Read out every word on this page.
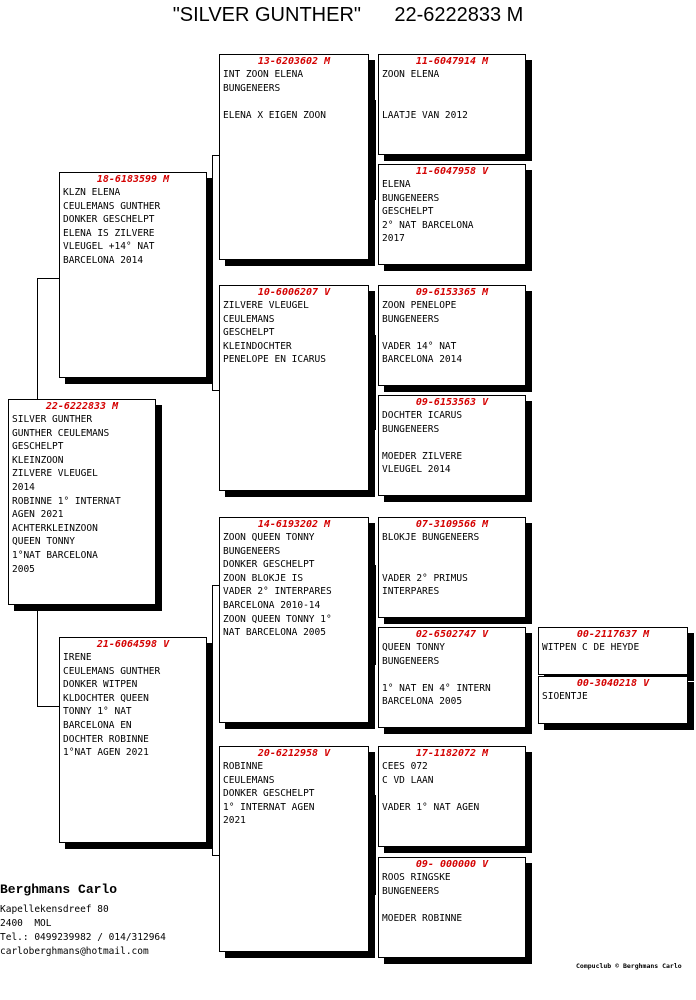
"SILVER GUNTHER"      22-6222833 M
22-6222833 M
SILVER GUNTHER
GUNTHER CEULEMANS
GESCHELPT
KLEINZOON
ZILVERE VLEUGEL
2014
ROBINNE 1° INTERNAT
AGEN 2021
ACHTERKLEINZOON
QUEEN TONNY
1°NAT BARCELONA
2005
18-6183599 M
KLZN ELENA
CEULEMANS GUNTHER
DONKER GESCHELPT
ELENA IS ZILVERE
VLEUGEL +14° NAT
BARCELONA 2014
21-6064598 V
IRENE
CEULEMANS GUNTHER
DONKER WITPEN
KLDOCHTER QUEEN
TONNY 1° NAT
BARCELONA EN
DOCHTER ROBINNE
1°NAT AGEN 2021
13-6203602 M
INT ZOON ELENA
BUNGENEERS
ELENA X EIGEN ZOON
10-6006207 V
ZILVERE VLEUGEL
CEULEMANS
GESCHELPT
KLEINDOCHTER
PENELOPE EN ICARUS
14-6193202 M
ZOON QUEEN TONNY
BUNGENEERS
DONKER GESCHELPT
ZOON BLOKJE IS
VADER 2° INTERPARES
BARCELONA 2010-14
ZOON QUEEN TONNY 1°
NAT BARCELONA 2005
20-6212958 V
ROBINNE
CEULEMANS
DONKER GESCHELPT
1° INTERNAT AGEN
2021
11-6047914 M
ZOON ELENA
LAATJE VAN 2012
11-6047958 V
ELENA
BUNGENEERS
GESCHELPT
2° NAT BARCELONA
2017
09-6153365 M
ZOON PENELOPE
BUNGENEERS
VADER 14° NAT
BARCELONA 2014
09-6153563 V
DOCHTER ICARUS
BUNGENEERS
MOEDER ZILVERE
VLEUGEL 2014
07-3109566 M
BLOKJE BUNGENEERS
VADER 2° PRIMUS
INTERPARES
02-6502747 V
QUEEN TONNY
BUNGENEERS
1° NAT EN 4° INTERN
BARCELONA 2005
17-1182072 M
CEES 072
C VD LAAN
VADER 1° NAT AGEN
09- 000000 V
ROOS RINGSKE
BUNGENEERS
MOEDER ROBINNE
00-2117637 M
WITPEN C DE HEYDE
00-3040218 V
SIOENTJE
Berghmans Carlo
Kapellekensdreef 80
2400  MOL
Tel.: 0499239982 / 014/312964
carloberghmans@hotmail.com
Compuclub © Berghmans Carlo
